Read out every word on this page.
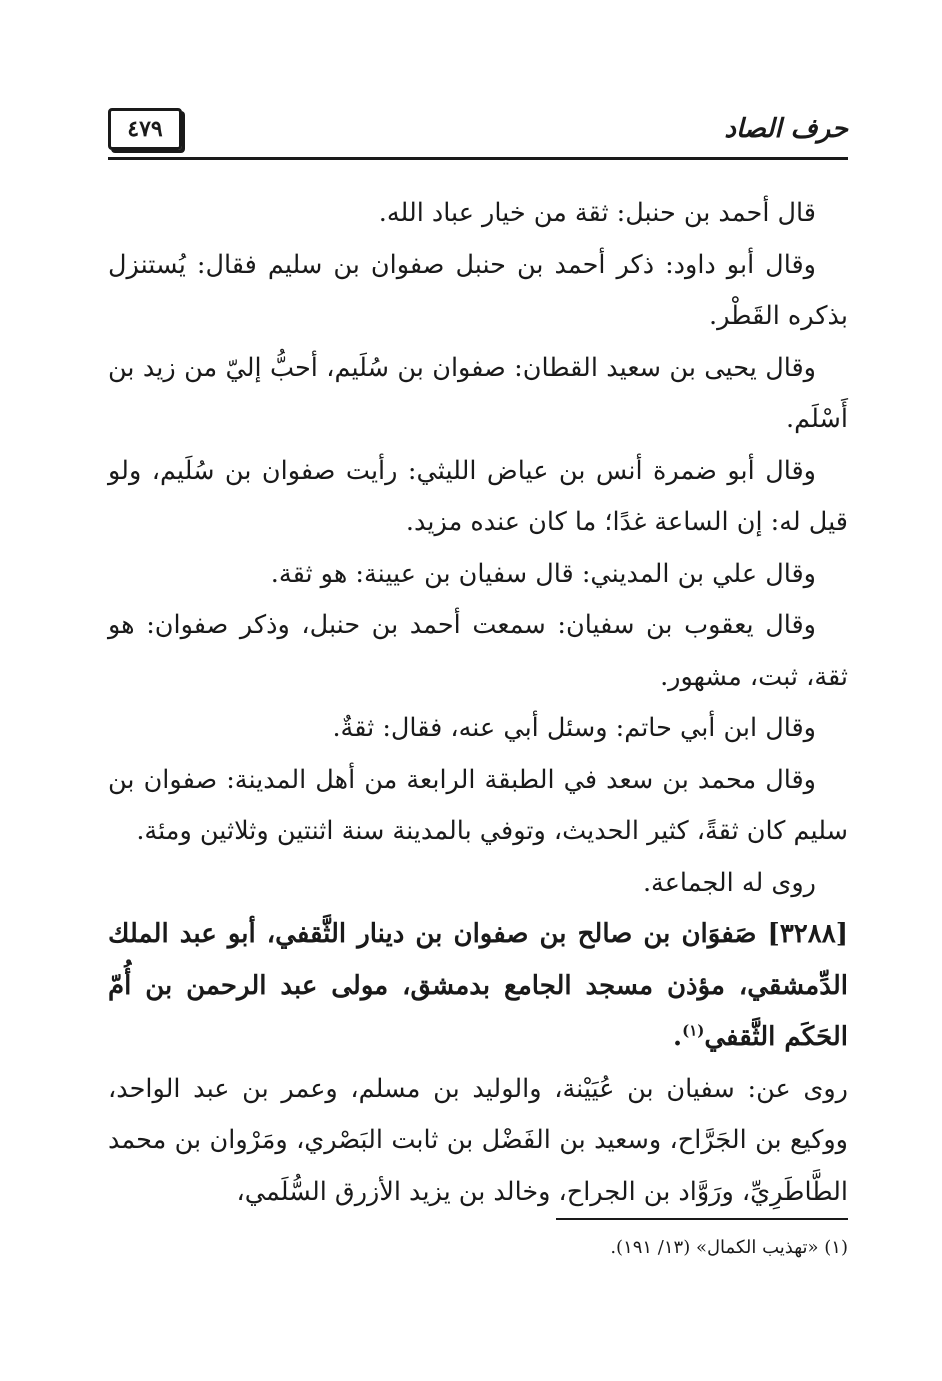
٤٧٩	حرف الصاد

قال أحمد بن حنبل: ثقة من خيار عباد الله.

وقال أبو داود: ذكر أحمد بن حنبل صفوان بن سليم فقال: يُستنزل بذكره القَطْر.

وقال يحيى بن سعيد القطان: صفوان بن سُلَيم، أحبُّ إليّ من زيد بن أَسْلَم.

وقال أبو ضمرة أنس بن عياض الليثي: رأيت صفوان بن سُلَيم، ولو قيل له: إن الساعة غدًا؛ ما كان عنده مزيد.

وقال علي بن المديني: قال سفيان بن عيينة: هو ثقة.

وقال يعقوب بن سفيان: سمعت أحمد بن حنبل، وذكر صفوان: هو ثقة، ثبت، مشهور.

وقال ابن أبي حاتم: وسئل أبي عنه، فقال: ثقةٌ.

وقال محمد بن سعد في الطبقة الرابعة من أهل المدينة: صفوان بن سليم كان ثقةً، كثير الحديث، وتوفي بالمدينة سنة اثنتين وثلاثين ومئة.

روى له الجماعة.

[٣٢٨٨] صَفوَان بن صالح بن صفوان بن دينار الثَّقفي، أبو عبد الملك الدِّمشقي، مؤذن مسجد الجامع بدمشق، مولى عبد الرحمن بن أُمّ الحَكَم الثَّقفي$^{(١)}$.

روى عن: سفيان بن عُيَيْنة، والوليد بن مسلم، وعمر بن عبد الواحد، ووكيع بن الجَرَّاح، وسعيد بن الفَضْل بن ثابت البَصْري، ومَرْوان بن محمد الطَّاطَرِيِّ، ورَوَّاد بن الجراح، وخالد بن يزيد الأزرق السُّلَمي،

(١) «تهذيب الكمال» (١٣/ ١٩١).
